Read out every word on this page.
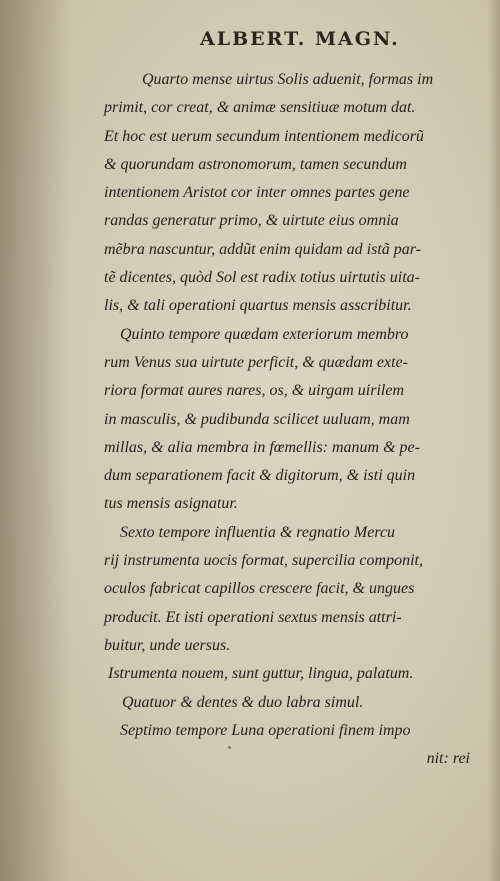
ALBERT. MAGN.
Quarto mense uirtus Solis aduenit, formas im
primit, cor creat, & animæ sensitiuæ motum dat.
Et hoc est uerum secundum intentionem medicorũ
& quorundam astronomorum, tamen secundum
intentionem Aristot cor inter omnes partes gene
randas generatur primo, & uirtute eius omnia
mẽbra nascuntur, addũt enim quidam ad istã par-
tẽ dicentes, quòd Sol est radix totius uirtutis uita-
lis, & tali operationi quartus mensis asscribitur.
Quinto tempore quædam exteriorum membro
rum Venus sua uirtute perficit, & quædam exte-
riora format aures nares, os, & uirgam uirilem
in masculis, & pudibunda scilicet uuluam, mam
millas, & alia membra in fœmellis: manum & pe-
dum separationem facit & digitorum, & isti quin
tus mensis asignatur.
Sexto tempore influentia & regnatio Mercu
rij instrumenta uocis format, supercilia componit,
oculos fabricat capillos crescere facit, & ungues
producit. Et isti operationi sextus mensis attri-
buitur, unde uersus.
Istrumenta nouem, sunt guttur, lingua, palatum.
Quatuor & dentes & duo labra simul.
Septimo tempore Luna operationi finem impo
nit: rei
